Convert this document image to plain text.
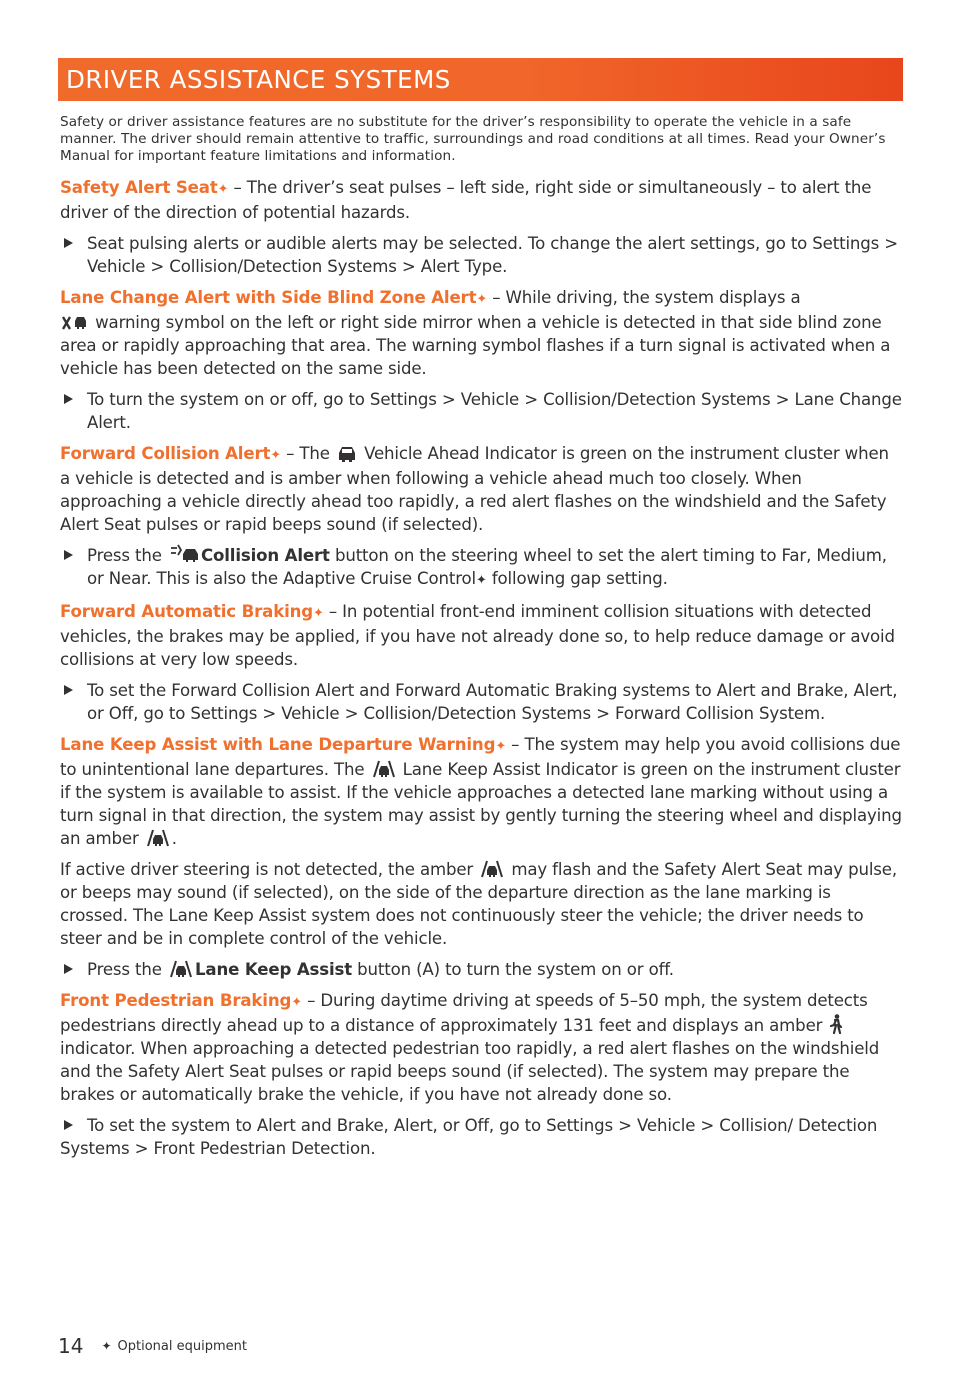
DRIVER ASSISTANCE SYSTEMS

Safety or driver assistance features are no substitute for the driver’s responsibility to operate the vehicle in a safe manner. The driver should remain attentive to traffic, surroundings and road conditions at all times. Read your Owner’s Manual for important feature limitations and information.

Safety Alert Seat✦ – The driver’s seat pulses – left side, right side or simultaneously – to alert the driver of the direction of potential hazards.

Seat pulsing alerts or audible alerts may be selected. To change the alert settings, go to Settings > Vehicle > Collision/Detection Systems > Alert Type.

Lane Change Alert with Side Blind Zone Alert✦ – While driving, the system displays a
warning symbol on the left or right side mirror when a vehicle is detected in that side blind zone area or rapidly approaching that area. The warning symbol flashes if a turn signal is activated when a vehicle has been detected on the same side.

To turn the system on or off, go to Settings > Vehicle > Collision/Detection Systems > Lane Change Alert.

Forward Collision Alert✦ – The  Vehicle Ahead Indicator is green on the instrument cluster when a vehicle is detected and is amber when following a vehicle ahead much too closely. When approaching a vehicle directly ahead too rapidly, a red alert flashes on the windshield and the Safety Alert Seat pulses or rapid beeps sound (if selected).

Press the Collision Alert button on the steering wheel to set the alert timing to Far, Medium, or Near. This is also the Adaptive Cruise Control✦ following gap setting.

Forward Automatic Braking✦ – In potential front-end imminent collision situations with detected vehicles, the brakes may be applied, if you have not already done so, to help reduce damage or avoid collisions at very low speeds.

To set the Forward Collision Alert and Forward Automatic Braking systems to Alert and Brake, Alert, or Off, go to Settings > Vehicle > Collision/Detection Systems > Forward Collision System.

Lane Keep Assist with Lane Departure Warning✦ – The system may help you avoid collisions due to unintentional lane departures. The  Lane Keep Assist Indicator is green on the instrument cluster if the system is available to assist. If the vehicle approaches a detected lane marking without using a turn signal in that direction, the system may assist by gently turning the steering wheel and displaying an amber .

If active driver steering is not detected, the amber  may flash and the Safety Alert Seat may pulse, or beeps may sound (if selected), on the side of the departure direction as the lane marking is crossed. The Lane Keep Assist system does not continuously steer the vehicle; the driver needs to steer and be in complete control of the vehicle.

Press the Lane Keep Assist button (A) to turn the system on or off.

Front Pedestrian Braking✦ – During daytime driving at speeds of 5–50 mph, the system detects pedestrians directly ahead up to a distance of approximately 131 feet and displays an amber  indicator. When approaching a detected pedestrian too rapidly, a red alert flashes on the windshield and the Safety Alert Seat pulses or rapid beeps sound (if selected). The system may prepare the brakes or automatically brake the vehicle, if you have not already done so.

To set the system to Alert and Brake, Alert, or Off, go to Settings > Vehicle > Collision/ Detection Systems > Front Pedestrian Detection.
14 ✦ Optional equipment
